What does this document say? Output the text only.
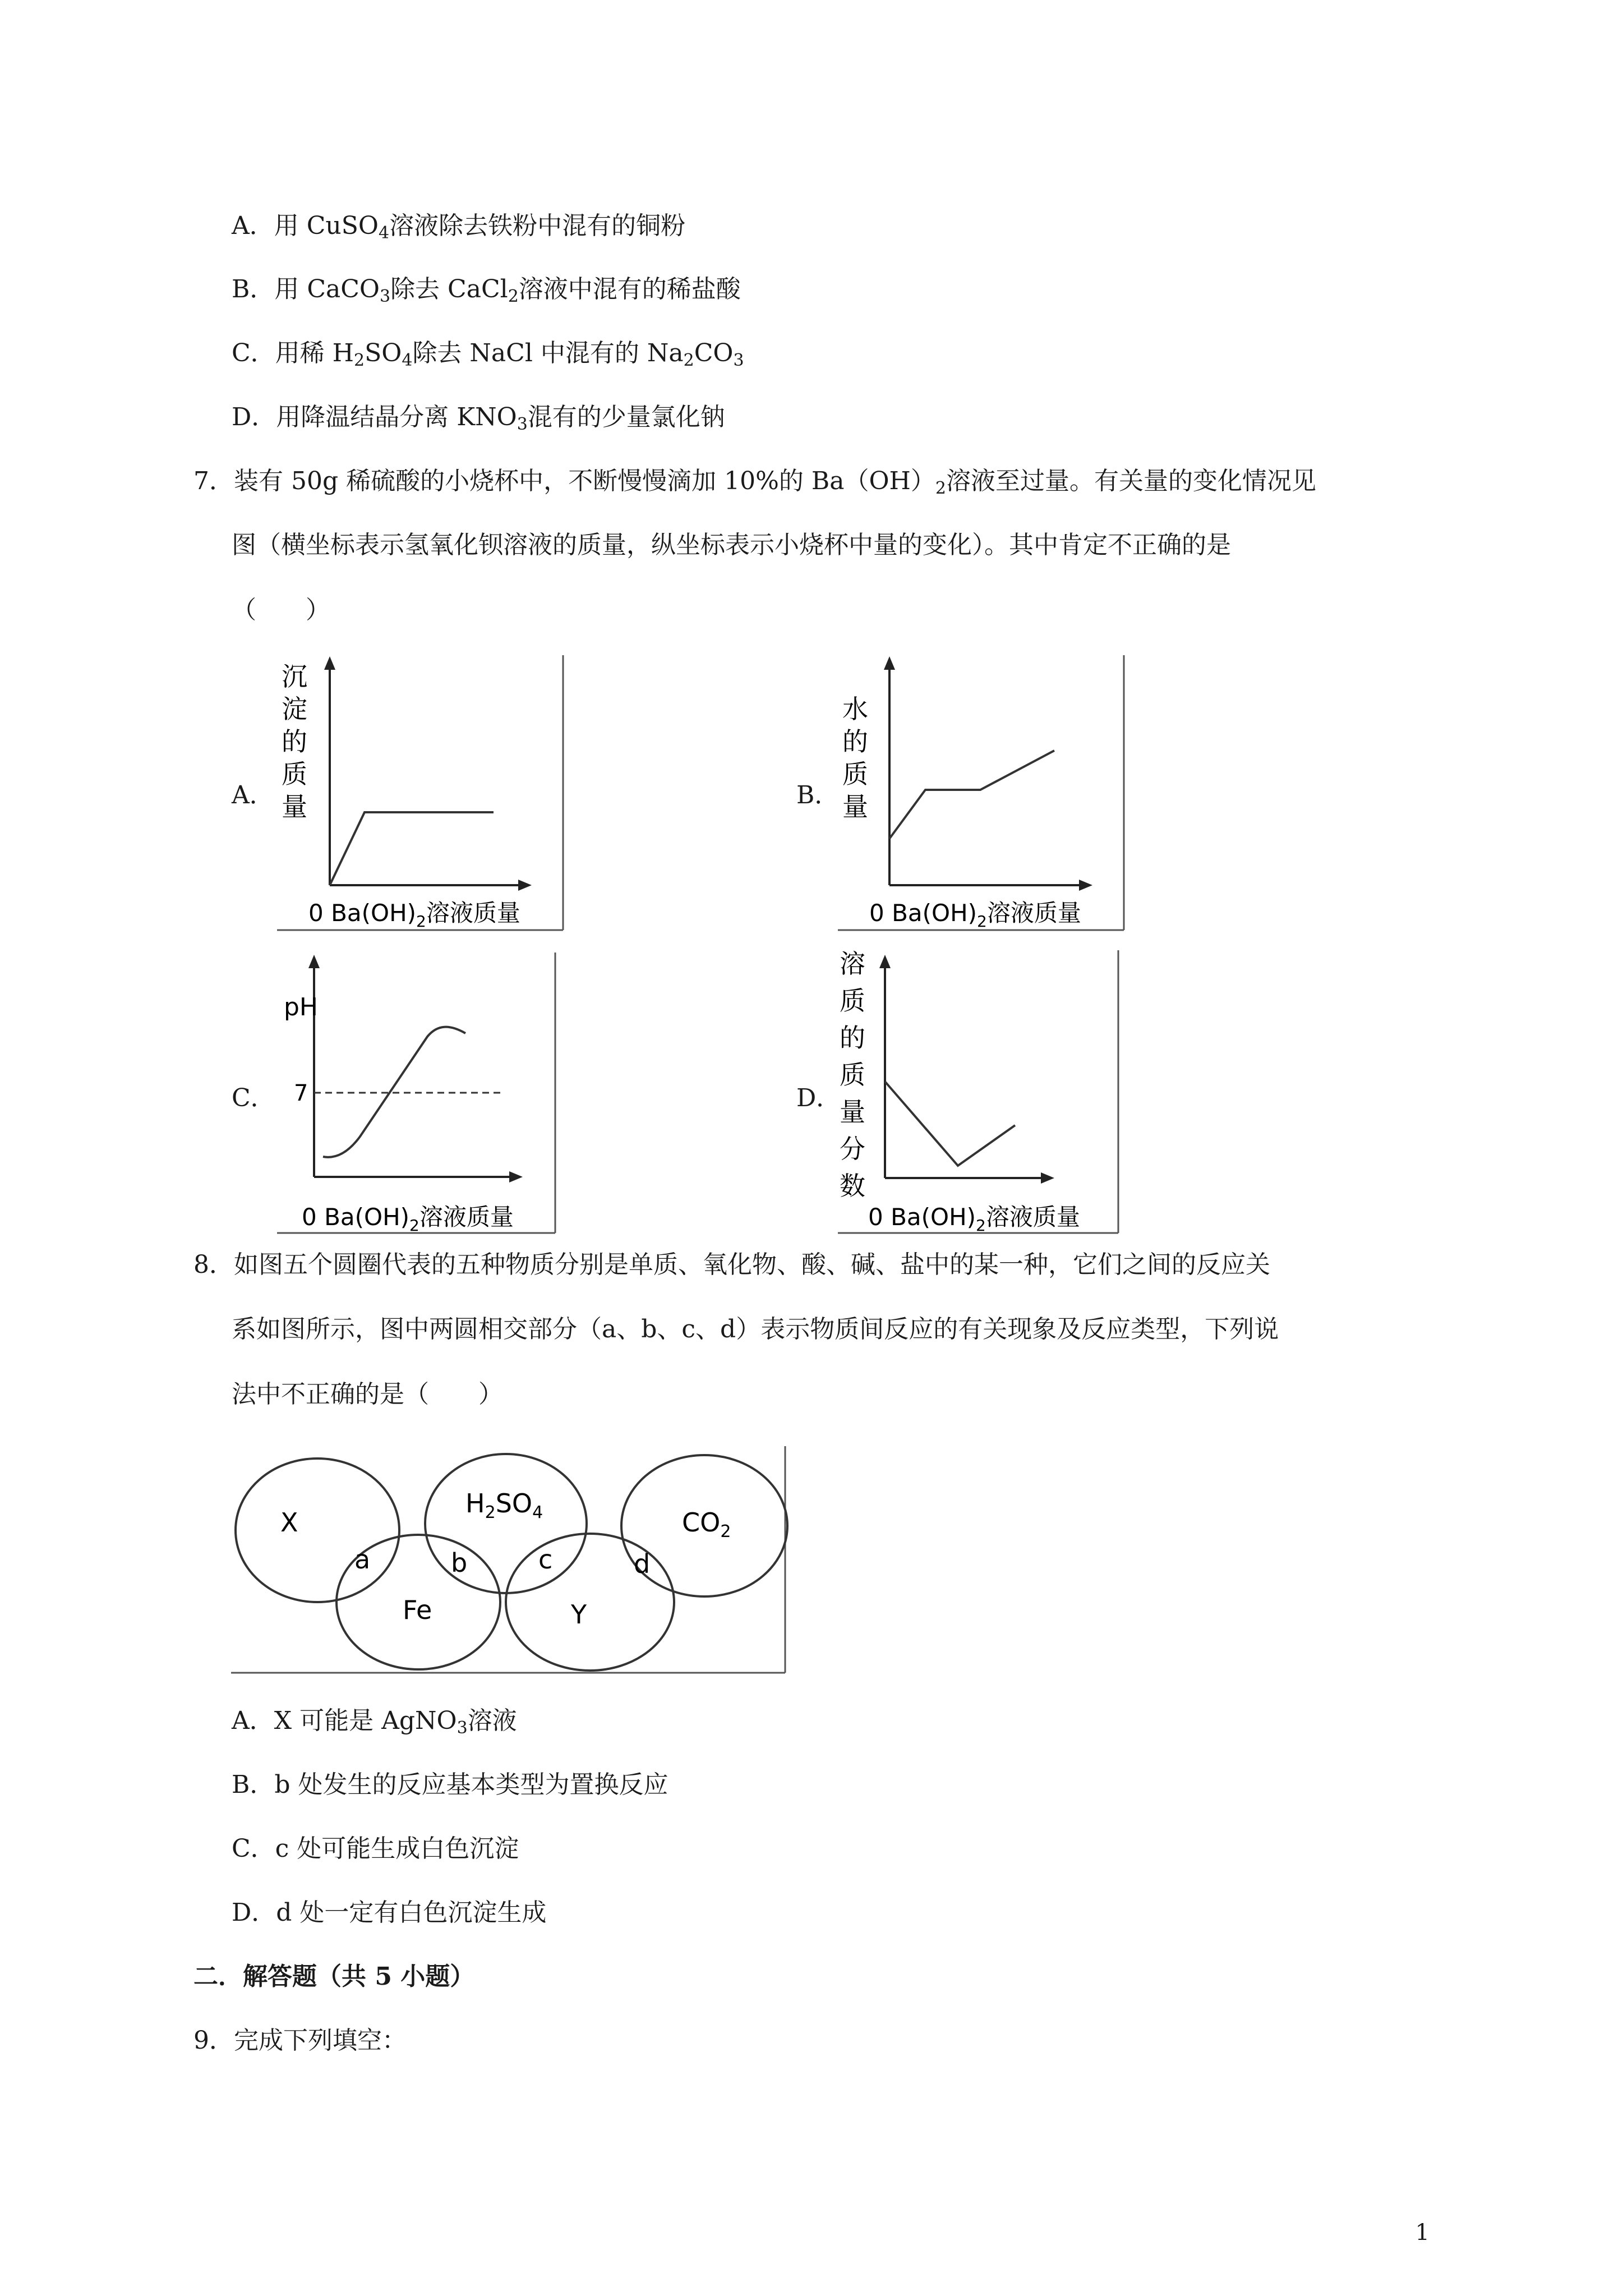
A．用 CuSO$_4$溶液除去铁粉中混有的铜粉
B．用 CaCO$_3$除去 CaCl$_2$溶液中混有的稀盐酸
C．用稀 $H_2SO_4$除去 NaCl 中混有的 $Na_2CO_3$
D．用降温结晶分离 $KNO_3$混有的少量氯化钠
7．装有 50g 稀硫酸的小烧杯中，不断慢慢滴加 10%的 $Ba(OH)_2$溶液至过量。有关量的变化情况见
图（横坐标表示氢氧化钡溶液的质量，纵坐标表示小烧杯中量的变化）。其中肯定不正确的是
（　　）
A．	B．
C．	D．
沉
淀
的
质
量
0 $Ba(OH)_2$溶液质量
水
的
质
量
0 $Ba(OH)_2$溶液质量
pH
7
0 $Ba(OH)_2$溶液质量
溶
质
的
质
量
分
数
0 $Ba(OH)_2$溶液质量
8．如图五个圆圈代表的五种物质分别是单质、氧化物、酸、碱、盐中的某一种，它们之间的反应关
系如图所示，图中两圆相交部分（a、b、c、d）表示物质间反应的有关现象及反应类型，下列说
法中不正确的是（　　）
X
$H_2SO_4$	$CO_2$
Fe	Y
a	b	c	d
A．X 可能是 AgNO$_3$溶液
B．b 处发生的反应基本类型为置换反应
C．c 处可能生成白色沉淀
D．d 处一定有白色沉淀生成
二．解答题（共 5 小题）
9．完成下列填空：
1
